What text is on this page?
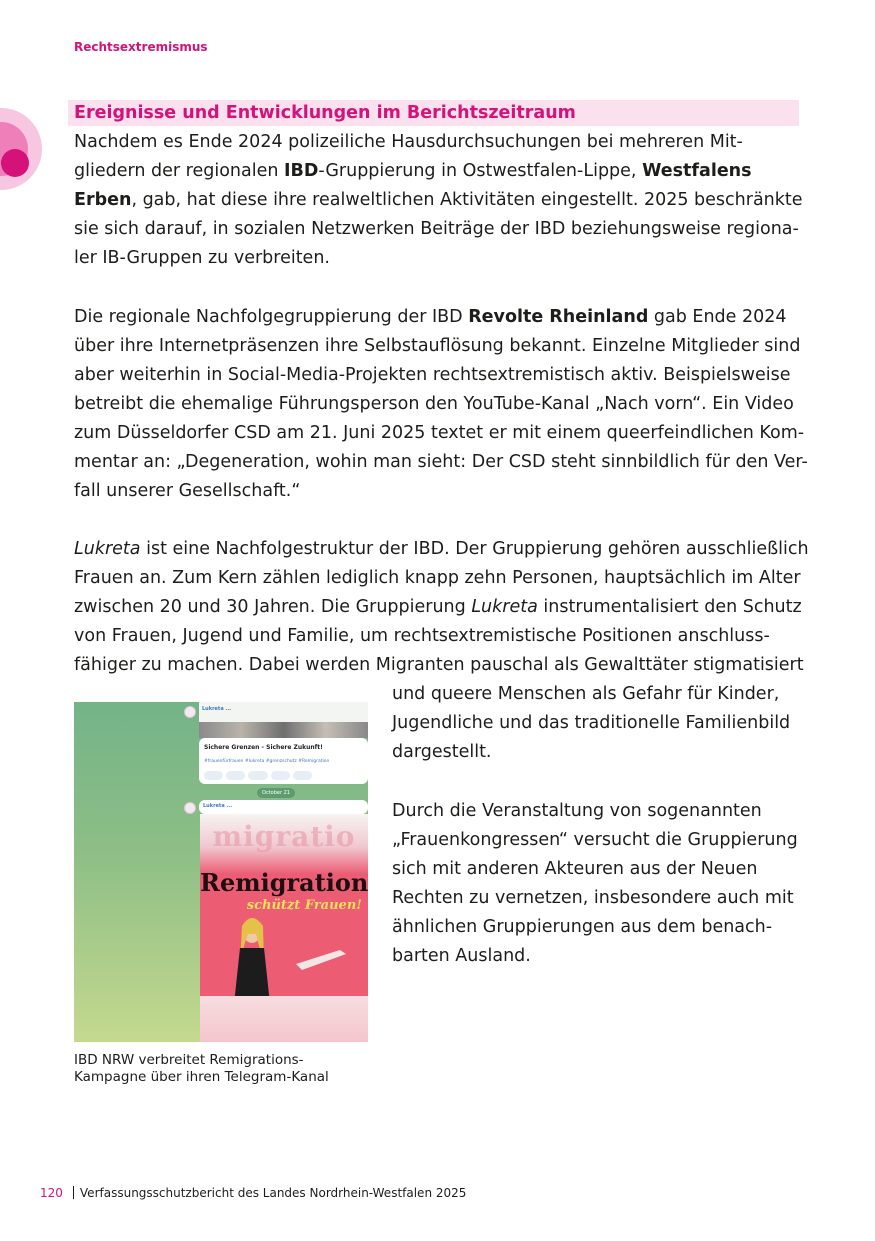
Rechtsextremismus
Ereignisse und Entwicklungen im Berichtszeitraum
Nachdem es Ende 2024 polizeiliche Hausdurchsuchungen bei mehreren Mit-
gliedern der regionalen IBD-Gruppierung in Ostwestfalen-Lippe, Westfalens
Erben, gab, hat diese ihre realweltlichen Aktivitäten eingestellt. 2025 beschränkte
sie sich darauf, in sozialen Netzwerken Beiträge der IBD beziehungsweise regiona-
ler IB-Gruppen zu verbreiten.
Die regionale Nachfolgegruppierung der IBD Revolte Rheinland gab Ende 2024
über ihre Internetpräsenzen ihre Selbstauflösung bekannt. Einzelne Mitglieder sind
aber weiterhin in Social-Media-Projekten rechtsextremistisch aktiv. Beispielsweise
betreibt die ehemalige Führungsperson den YouTube-Kanal „Nach vorn“. Ein Video
zum Düsseldorfer CSD am 21. Juni 2025 textet er mit einem queerfeindlichen Kom-
mentar an: „Degeneration, wohin man sieht: Der CSD steht sinnbildlich für den Ver-
fall unserer Gesellschaft.“
Lukreta ist eine Nachfolgestruktur der IBD. Der Gruppierung gehören ausschließlich
Frauen an. Zum Kern zählen lediglich knapp zehn Personen, hauptsächlich im Alter
zwischen 20 und 30 Jahren. Die Gruppierung Lukreta instrumentalisiert den Schutz
von Frauen, Jugend und Familie, um rechtsextremistische Positionen anschluss-
fähiger zu machen. Dabei werden Migranten pauschal als Gewalttäter stigmatisiert
und queere Menschen als Gefahr für Kinder,
Jugendliche und das traditionelle Familienbild
dargestellt.
Durch die Veranstaltung von sogenannten
„Frauenkongressen“ versucht die Gruppierung
sich mit anderen Akteuren aus der Neuen
Rechten zu vernetzen, insbesondere auch mit
ähnlichen Gruppierungen aus dem benach-
barten Ausland.
Lukreta ...
Sichere Grenzen - Sichere Zukunft!
#frauenfürfrauen #lukreta #grenzschutz #Remigration
October 21
Lukreta ...
migratio
Remigration
schützt Frauen!
IBD NRW verbreitet Remigrations-
Kampagne über ihren Telegram-Kanal
120 Verfassungsschutzbericht des Landes Nordrhein-Westfalen 2025
